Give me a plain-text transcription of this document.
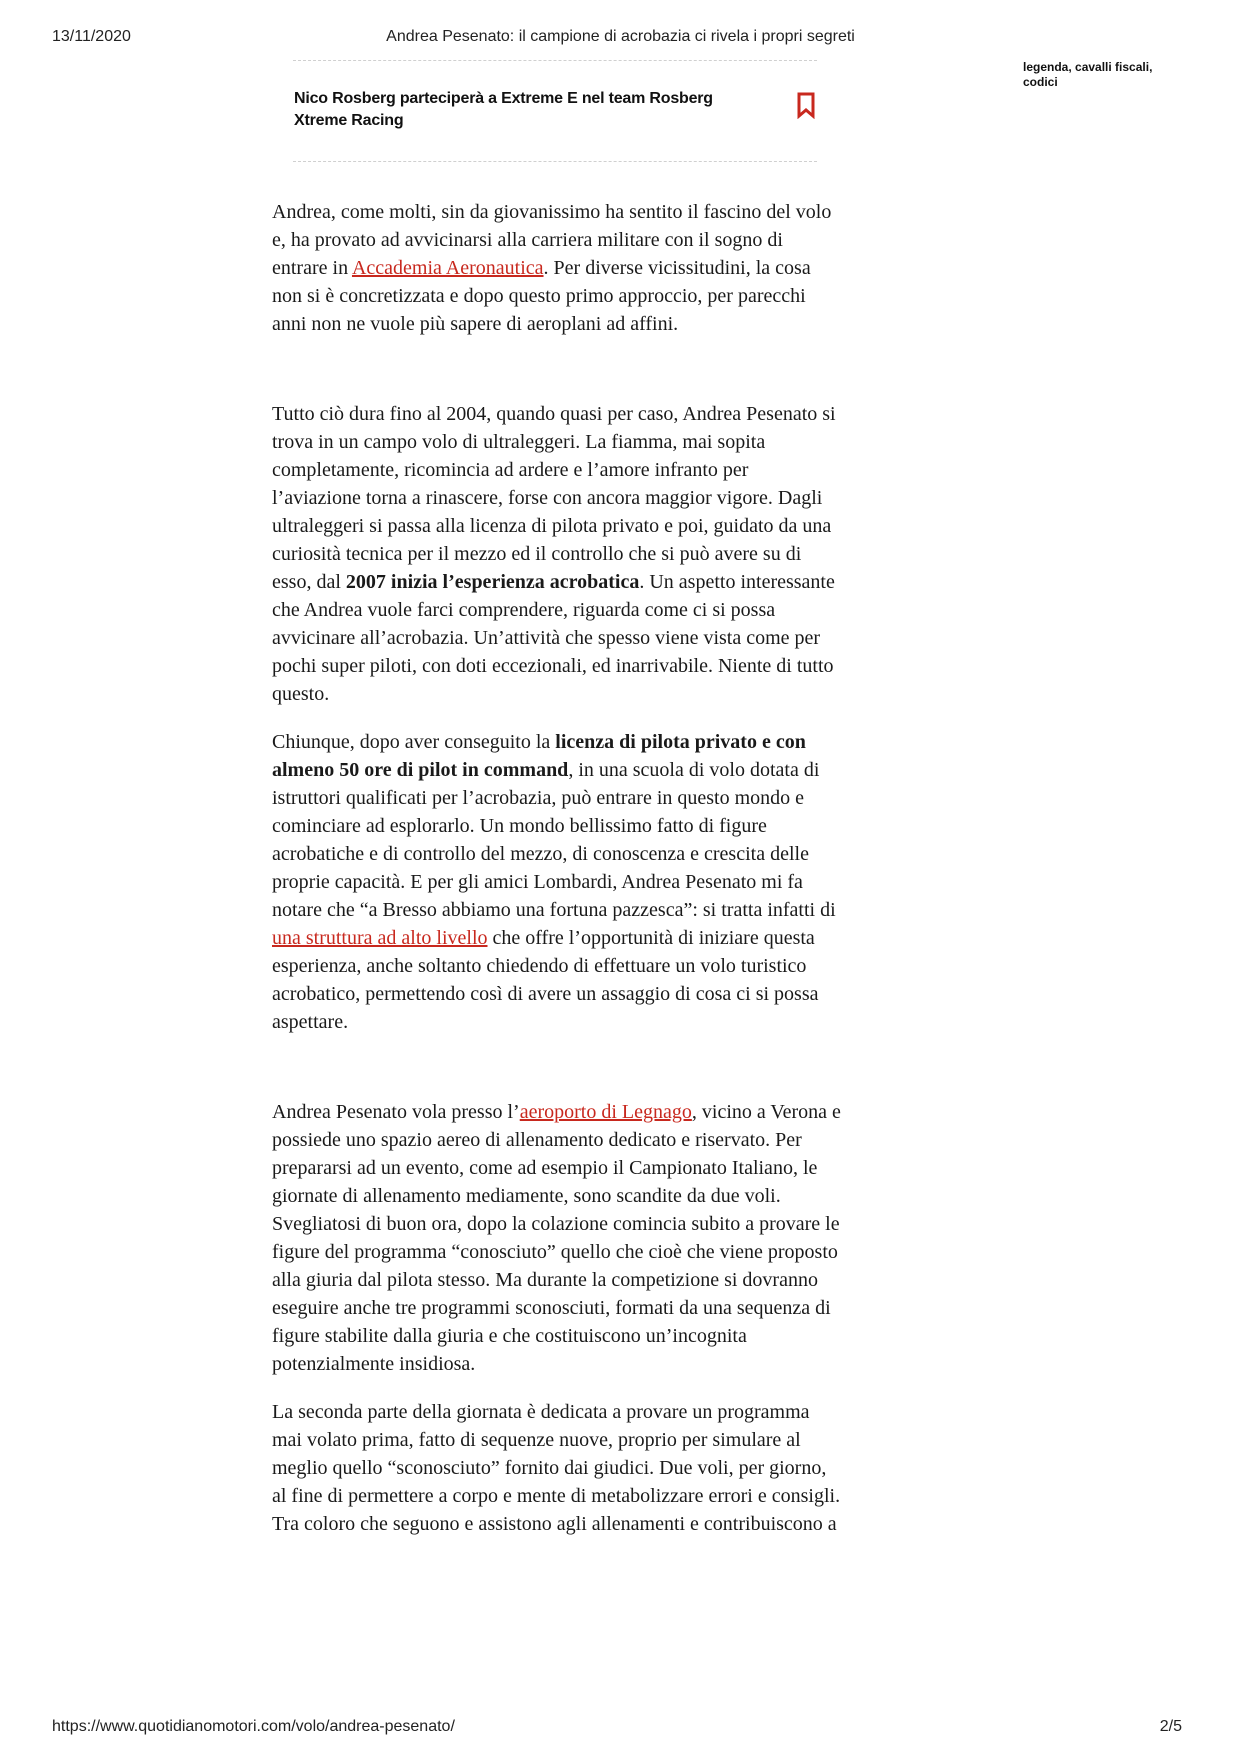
13/11/2020	Andrea Pesenato: il campione di acrobazia ci rivela i propri segreti
legenda, cavalli fiscali, codici
Nico Rosberg parteciperà a Extreme E nel team Rosberg Xtreme Racing

Andrea, come molti, sin da giovanissimo ha sentito il fascino del volo e, ha provato ad avvicinarsi alla carriera militare con il sogno di entrare in Accademia Aeronautica. Per diverse vicissitudini, la cosa non si è concretizzata e dopo questo primo approccio, per parecchi anni non ne vuole più sapere di aeroplani ad affini.

Tutto ciò dura fino al 2004, quando quasi per caso, Andrea Pesenato si trova in un campo volo di ultraleggeri. La fiamma, mai sopita completamente, ricomincia ad ardere e l’amore infranto per l’aviazione torna a rinascere, forse con ancora maggior vigore. Dagli ultraleggeri si passa alla licenza di pilota privato e poi, guidato da una curiosità tecnica per il mezzo ed il controllo che si può avere su di esso, dal 2007 inizia l’esperienza acrobatica. Un aspetto interessante che Andrea vuole farci comprendere, riguarda come ci si possa avvicinare all’acrobazia. Un’attività che spesso viene vista come per pochi super piloti, con doti eccezionali, ed inarrivabile. Niente di tutto questo.

Chiunque, dopo aver conseguito la licenza di pilota privato e con almeno 50 ore di pilot in command, in una scuola di volo dotata di istruttori qualificati per l’acrobazia, può entrare in questo mondo e cominciare ad esplorarlo. Un mondo bellissimo fatto di figure acrobatiche e di controllo del mezzo, di conoscenza e crescita delle proprie capacità. E per gli amici Lombardi, Andrea Pesenato mi fa notare che “a Bresso abbiamo una fortuna pazzesca”: si tratta infatti di una struttura ad alto livello che offre l’opportunità di iniziare questa esperienza, anche soltanto chiedendo di effettuare un volo turistico acrobatico, permettendo così di avere un assaggio di cosa ci si possa aspettare.

Andrea Pesenato vola presso l’aeroporto di Legnago, vicino a Verona e possiede uno spazio aereo di allenamento dedicato e riservato. Per prepararsi ad un evento, come ad esempio il Campionato Italiano, le giornate di allenamento mediamente, sono scandite da due voli. Svegliatosi di buon ora, dopo la colazione comincia subito a provare le figure del programma “conosciuto” quello che cioè che viene proposto alla giuria dal pilota stesso. Ma durante la competizione si dovranno eseguire anche tre programmi sconosciuti, formati da una sequenza di figure stabilite dalla giuria e che costituiscono un’incognita potenzialmente insidiosa.

La seconda parte della giornata è dedicata a provare un programma mai volato prima, fatto di sequenze nuove, proprio per simulare al meglio quello “sconosciuto” fornito dai giudici. Due voli, per giorno, al fine di permettere a corpo e mente di metabolizzare errori e consigli. Tra coloro che seguono e assistono agli allenamenti e contribuiscono a

https://www.quotidianomotori.com/volo/andrea-pesenato/	2/5
